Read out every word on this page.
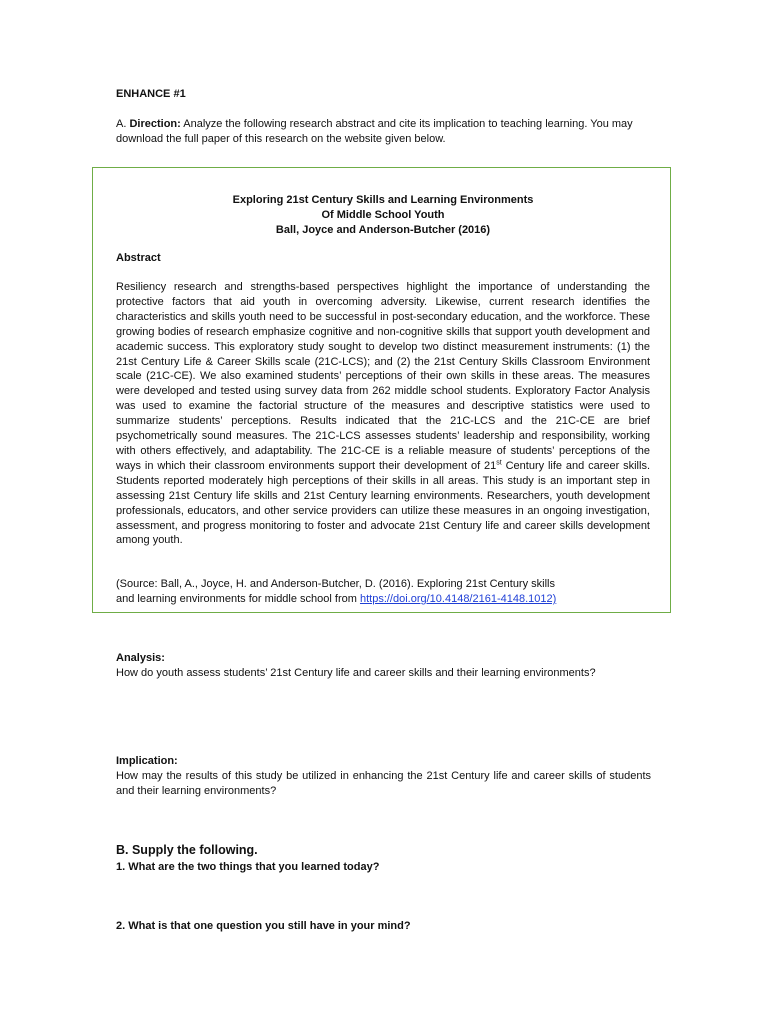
ENHANCE #1
A. Direction: Analyze the following research abstract and cite its implication to teaching learning. You may download the full paper of this research on the website given below.
Exploring 21st Century Skills and Learning Environments
Of Middle School Youth
Ball, Joyce and Anderson-Butcher (2016)
Abstract
Resiliency research and strengths-based perspectives highlight the importance of understanding the protective factors that aid youth in overcoming adversity. Likewise, current research identifies the characteristics and skills youth need to be successful in post-secondary education, and the workforce. These growing bodies of research emphasize cognitive and non-cognitive skills that support youth development and academic success. This exploratory study sought to develop two distinct measurement instruments: (1) the 21st Century Life & Career Skills scale (21C-LCS); and (2) the 21st Century Skills Classroom Environment scale (21C-CE). We also examined students’ perceptions of their own skills in these areas. The measures were developed and tested using survey data from 262 middle school students. Exploratory Factor Analysis was used to examine the factorial structure of the measures and descriptive statistics were used to summarize students’ perceptions. Results indicated that the 21C-LCS and the 21C-CE are brief psychometrically sound measures. The 21C-LCS assesses students’ leadership and responsibility, working with others effectively, and adaptability. The 21C-CE is a reliable measure of students’ perceptions of the ways in which their classroom environments support their development of 21st Century life and career skills. Students reported moderately high perceptions of their skills in all areas. This study is an important step in assessing 21st Century life skills and 21st Century learning environments. Researchers, youth development professionals, educators, and other service providers can utilize these measures in an ongoing investigation, assessment, and progress monitoring to foster and advocate 21st Century life and career skills development among youth.
(Source: Ball, A., Joyce, H. and Anderson-Butcher, D. (2016). Exploring 21st Century skills
and learning environments for middle school from https://doi.org/10.4148/2161-4148.1012)
Analysis:
How do youth assess students’ 21st Century life and career skills and their learning environments?
Implication:
How may the results of this study be utilized in enhancing the 21st Century life and career skills of students and their learning environments?
B. Supply the following.
1. What are the two things that you learned today?
2. What is that one question you still have in your mind?
